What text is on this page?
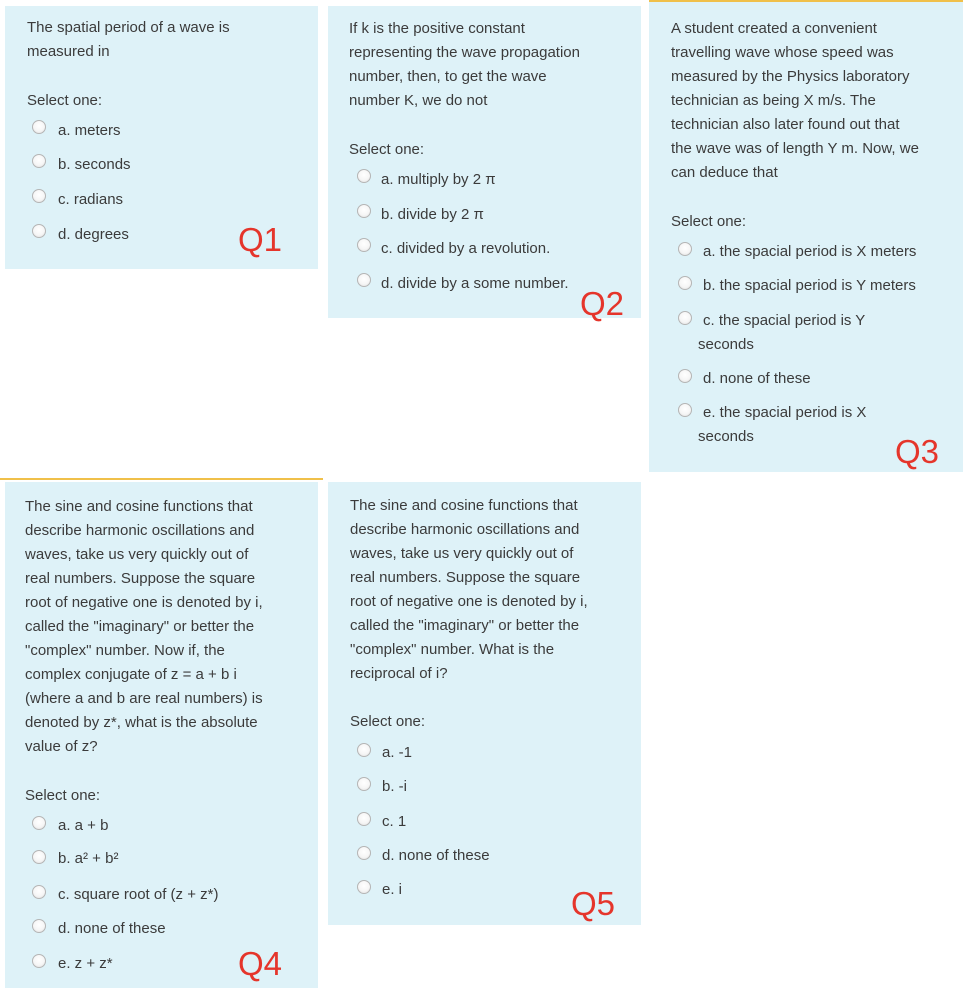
The spatial period of a wave is
measured in
Select one:
a. meters
b. seconds
c. radians
d. degrees	Q1
If k is the positive constant
representing the wave propagation
number, then, to get the wave
number K, we do not
Select one:
a. multiply by 2 π
b. divide by 2 π
c. divided by a revolution.
d. divide by a some number.
Q2
A student created a convenient
travelling wave whose speed was
measured by the Physics laboratory
technician as being X m/s. The
technician also later found out that
the wave was of length Y m. Now, we
can deduce that
Select one:
a. the spacial period is X meters
b. the spacial period is Y meters
c. the spacial period is Y
seconds
d. none of these
e. the spacial period is X
seconds	Q3
The sine and cosine functions that
describe harmonic oscillations and
waves, take us very quickly out of
real numbers. Suppose the square
root of negative one is denoted by i,
called the "imaginary" or better the
"complex" number. Now if, the
complex conjugate of z = a + b i
(where a and b are real numbers) is
denoted by z*, what is the absolute
value of z?
Select one:
a. a + b
b. a² + b²
c. square root of (z + z*)
d. none of these
e. z + z*	Q4
The sine and cosine functions that
describe harmonic oscillations and
waves, take us very quickly out of
real numbers. Suppose the square
root of negative one is denoted by i,
called the "imaginary" or better the
"complex" number. What is the
reciprocal of i?
Select one:
a. -1
b. -i
c. 1
d. none of these
e. i	Q5
